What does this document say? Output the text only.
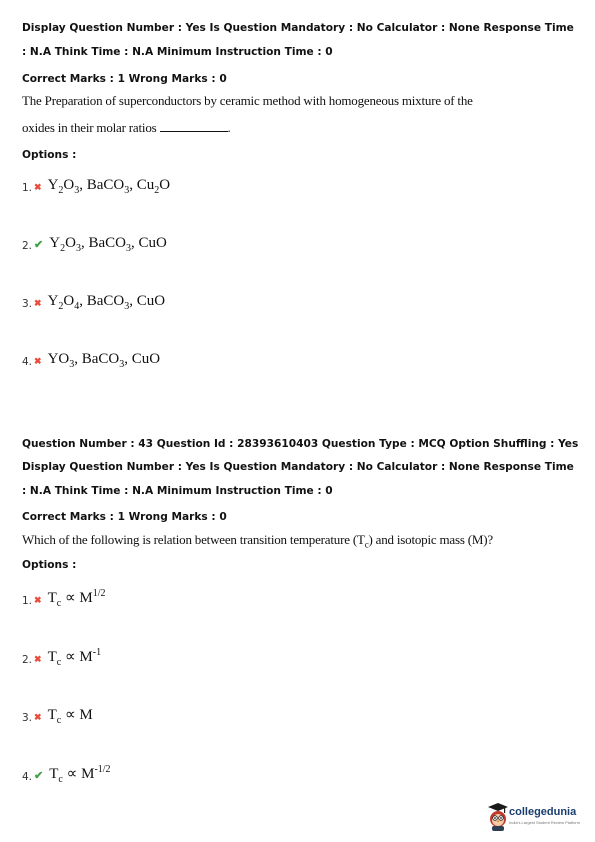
Display Question Number : Yes Is Question Mandatory : No Calculator : None Response Time
: N.A Think Time : N.A Minimum Instruction Time : 0
Correct Marks : 1 Wrong Marks : 0
The Preparation of superconductors by ceramic method with homogeneous mixture of the
oxides in their molar ratios	.
Options :
1. ✖ $Y_2O_3$, BaCO$_3$, $Cu_2O$
2. ✔ $Y_2O_3$, BaCO$_3$, CuO
3. ✖ $Y_2O_4$, BaCO$_3$, CuO
4. ✖ $YO_3$, BaCO$_3$, CuO
Question Number : 43 Question Id : 28393610403 Question Type : MCQ Option Shuffling : Yes
Display Question Number : Yes Is Question Mandatory : No Calculator : None Response Time
: N.A Think Time : N.A Minimum Instruction Time : 0
Correct Marks : 1 Wrong Marks : 0
Which of the following is relation between transition temperature $(T_c)$ and isotopic mass (M)?
Options :
1. ✖ $T_c \propto M^{1/2}$
2. ✖ $T_c \propto M^{-1}$
3. ✖ $T_c \propto M$
4. ✔ $T_c \propto M^{-1/2}$
collegedunia
India's Largest Student Review Platform
